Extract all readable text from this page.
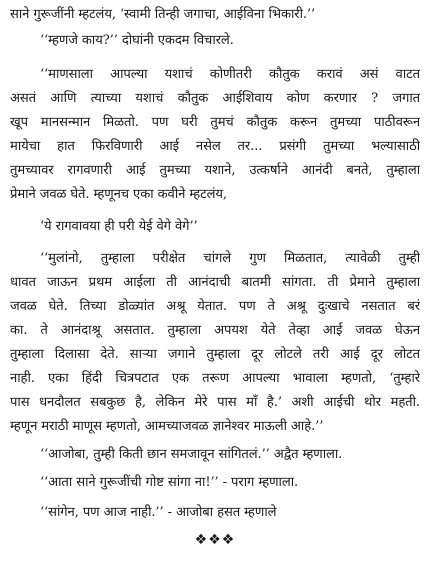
साने गुरूजींनी म्हटलंय, ‘स्वामी तिन्ही जगाचा, आईविना भिकारी.’’
‘‘म्हणजे काय?’’ दोघांनी एकदम विचारले.
‘‘माणसाला आपल्या यशाचं कोणीतरी कौतुक करावं असं वाटत
असतं आणि त्याच्या यशाचं कौतुक आईशिवाय कोण करणार ? जगात
खूप मानसन्मान मिळतो. पण घरी तुमचं कौतुक करून तुमच्या पाठीवरून
मायेचा हात फिरविणारी आई नसेल तर... प्रसंगी तुमच्या भल्यासाठी
तुमच्यावर रागवणारी आई तुमच्या यशाने, उत्कर्षाने आनंदी बनते, तुम्हाला
प्रेमाने जवळ घेते. म्हणूनच एका कवीने म्हटलंय,
‘ये रागवावया ही परी येई वेगे वेगे’’
‘‘मुलांनो, तुम्हाला परीक्षेत चांगले गुण मिळतात, त्यावेळी तुम्ही
धावत जाऊन प्रथम आईला ती आनंदाची बातमी सांगता. ती प्रेमाने तुम्हाला
जवळ घेते. तिच्या डोळ्यांत अश्रू येतात. पण ते अश्रू दुःखाचे नसतात बरं
का. ते आनंदाश्रू असतात. तुम्हाला अपयश येते तेव्हा आई जवळ घेऊन
तुम्हाला दिलासा देते. साऱ्या जगाने तुम्हाला दूर लोटले तरी आई दूर लोटत
नाही. एका हिंदी चित्रपटात एक तरूण आपल्या भावाला म्हणतो, ‘तुम्हारे
पास धनदौलत सबकुछ है, लेकिन मेरे पास माँ है.’ अशी आईची थोर महती.
म्हणून मराठी माणूस म्हणतो, आमच्याजवळ ज्ञानेश्वर माऊली आहे.’’
‘‘आजोबा, तुम्ही किती छान समजावून सांगितलं.’’ अद्वैत म्हणाला.
‘‘आता साने गुरूजींची गोष्ट सांगा ना!’’ - पराग म्हणाला.
‘‘सांगेन, पण आज नाही.’’ - आजोबा हसत म्हणाले
❖❖❖
